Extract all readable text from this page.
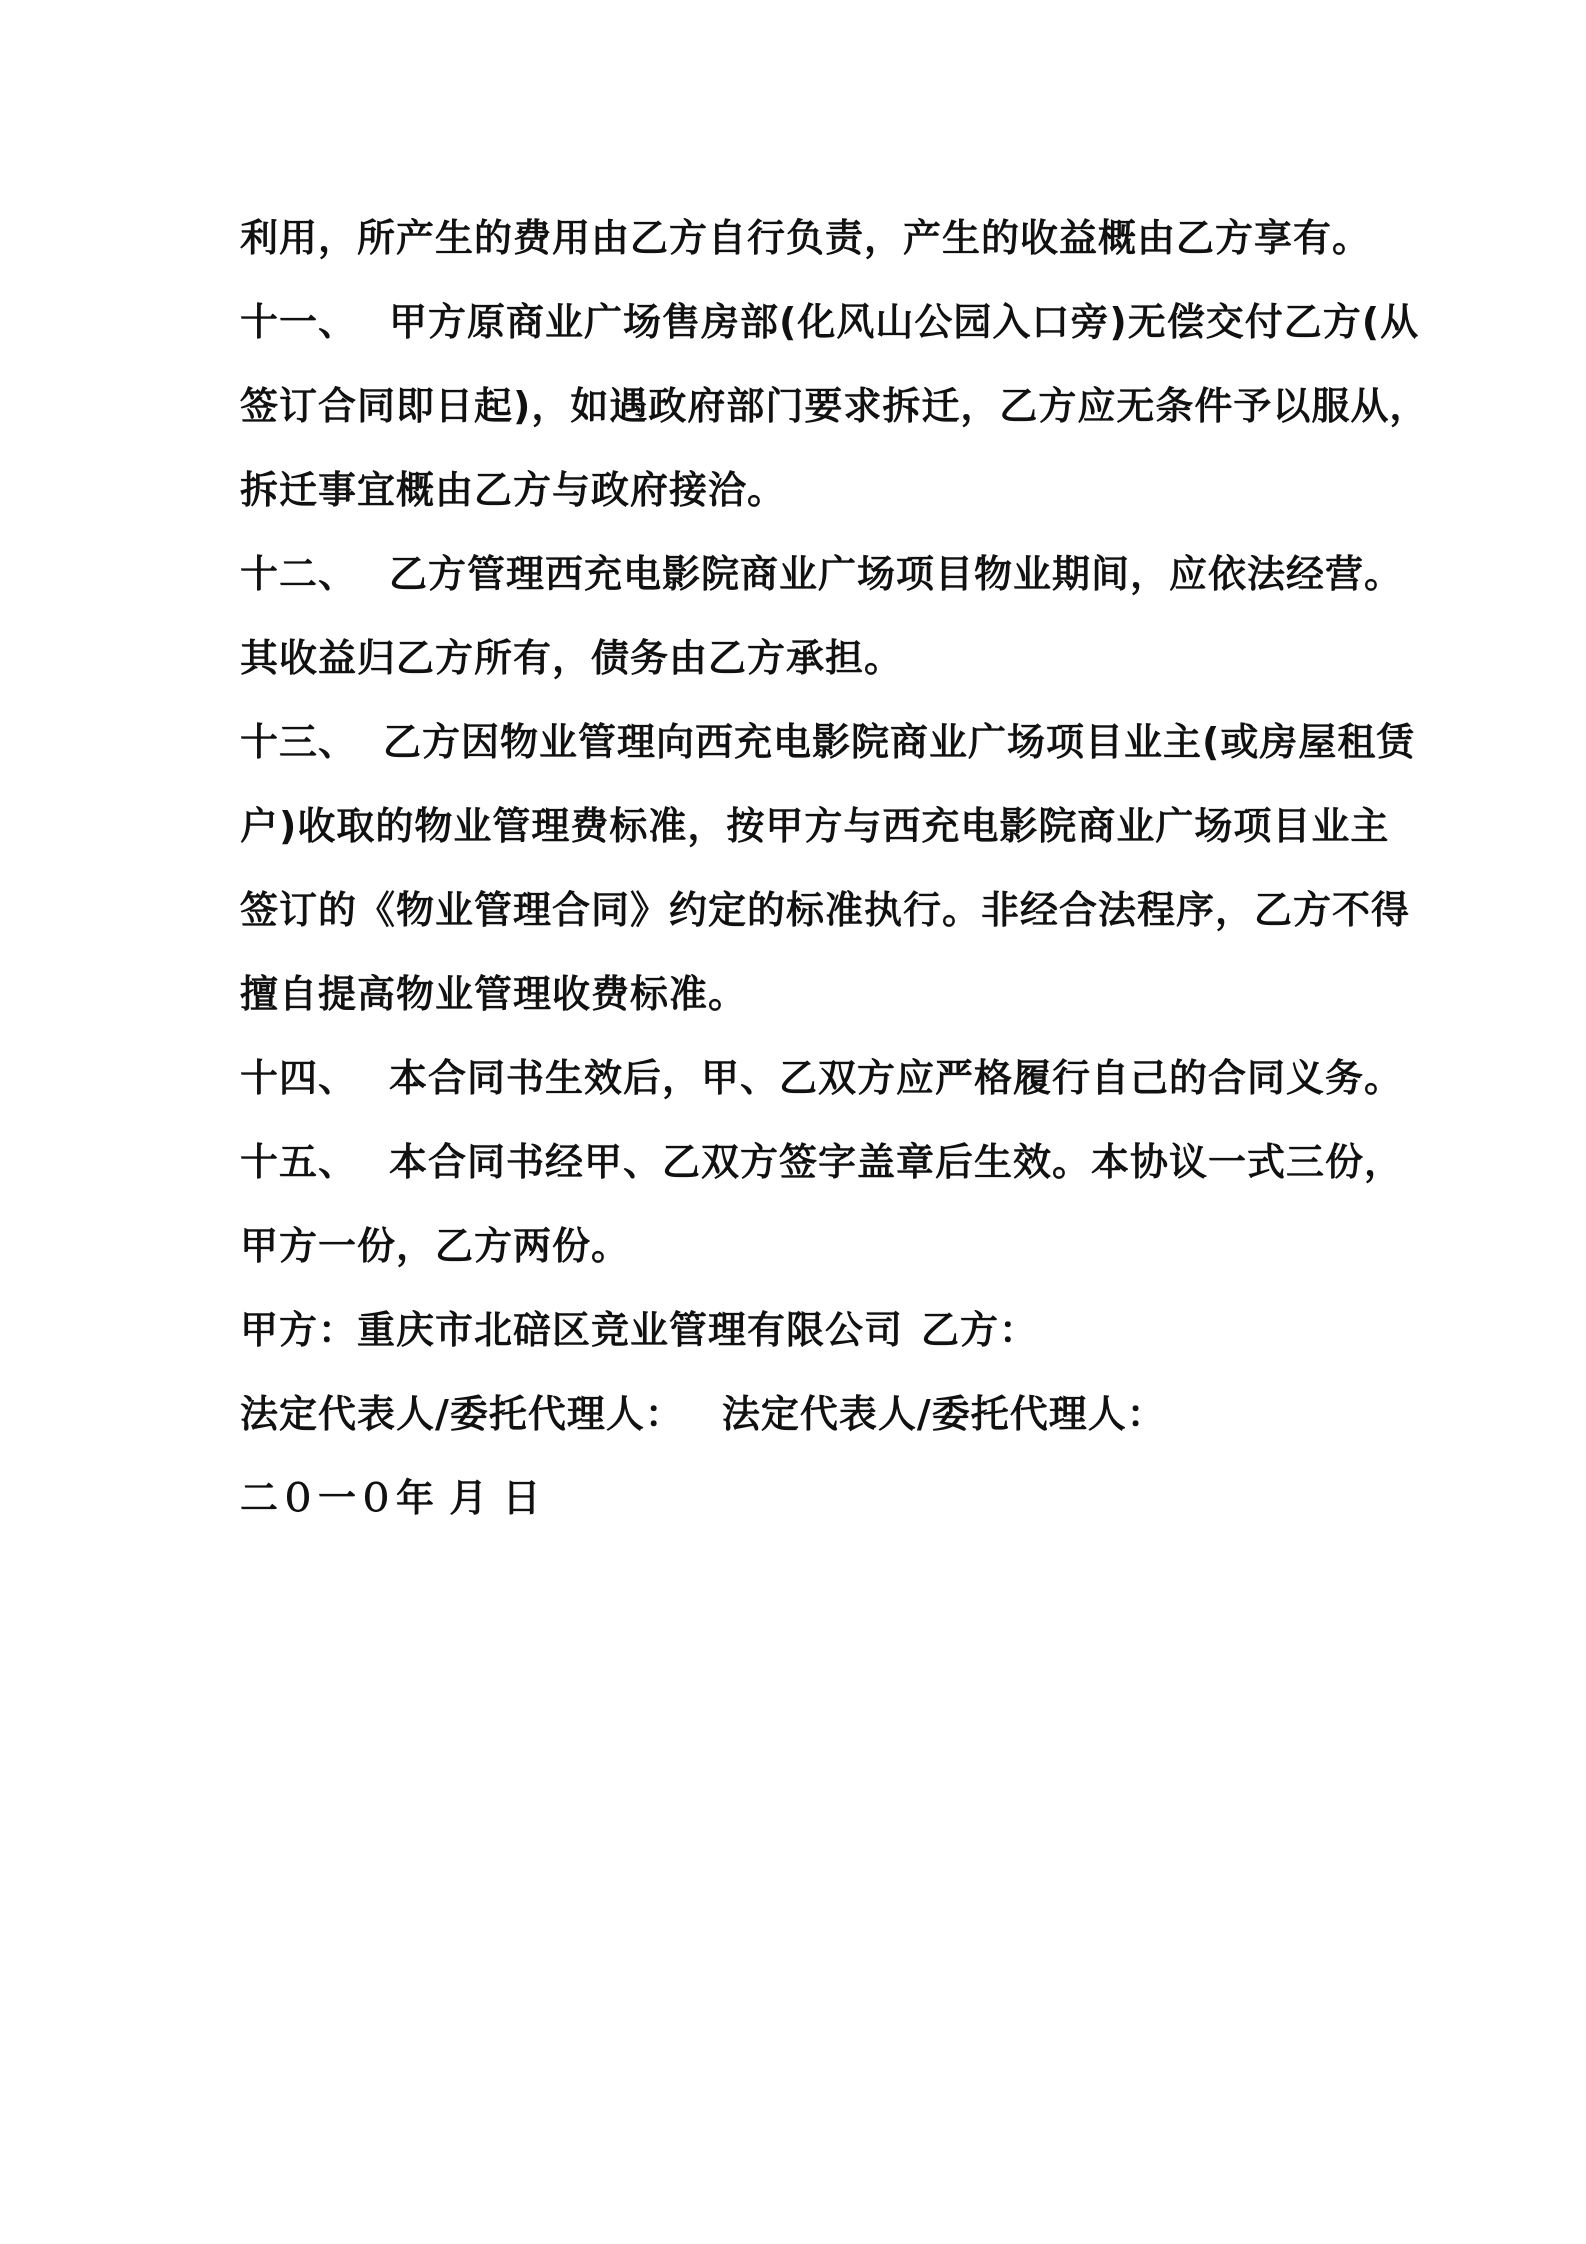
利用，所产生的费用由乙方自行负责，产生的收益概由乙方享有。
十一、 甲方原商业广场售房部(化风山公园入口旁)无偿交付乙方(从
签订合同即日起)，如遇政府部门要求拆迁，乙方应无条件予以服从，
拆迁事宜概由乙方与政府接洽。
十二、 乙方管理西充电影院商业广场项目物业期间，应依法经营。
其收益归乙方所有，债务由乙方承担。
十三、 乙方因物业管理向西充电影院商业广场项目业主(或房屋租赁
户)收取的物业管理费标准，按甲方与西充电影院商业广场项目业主
签订的《物业管理合同》约定的标准执行。非经合法程序，乙方不得
擅自提高物业管理收费标准。
十四、 本合同书生效后，甲、乙双方应严格履行自己的合同义务。
十五、 本合同书经甲、乙双方签字盖章后生效。本协议一式三份，
甲方一份，乙方两份。
甲方：重庆市北碚区竞业管理有限公司 乙方：
法定代表人/委托代理人： 法定代表人/委托代理人：
二０一０年 月 日
